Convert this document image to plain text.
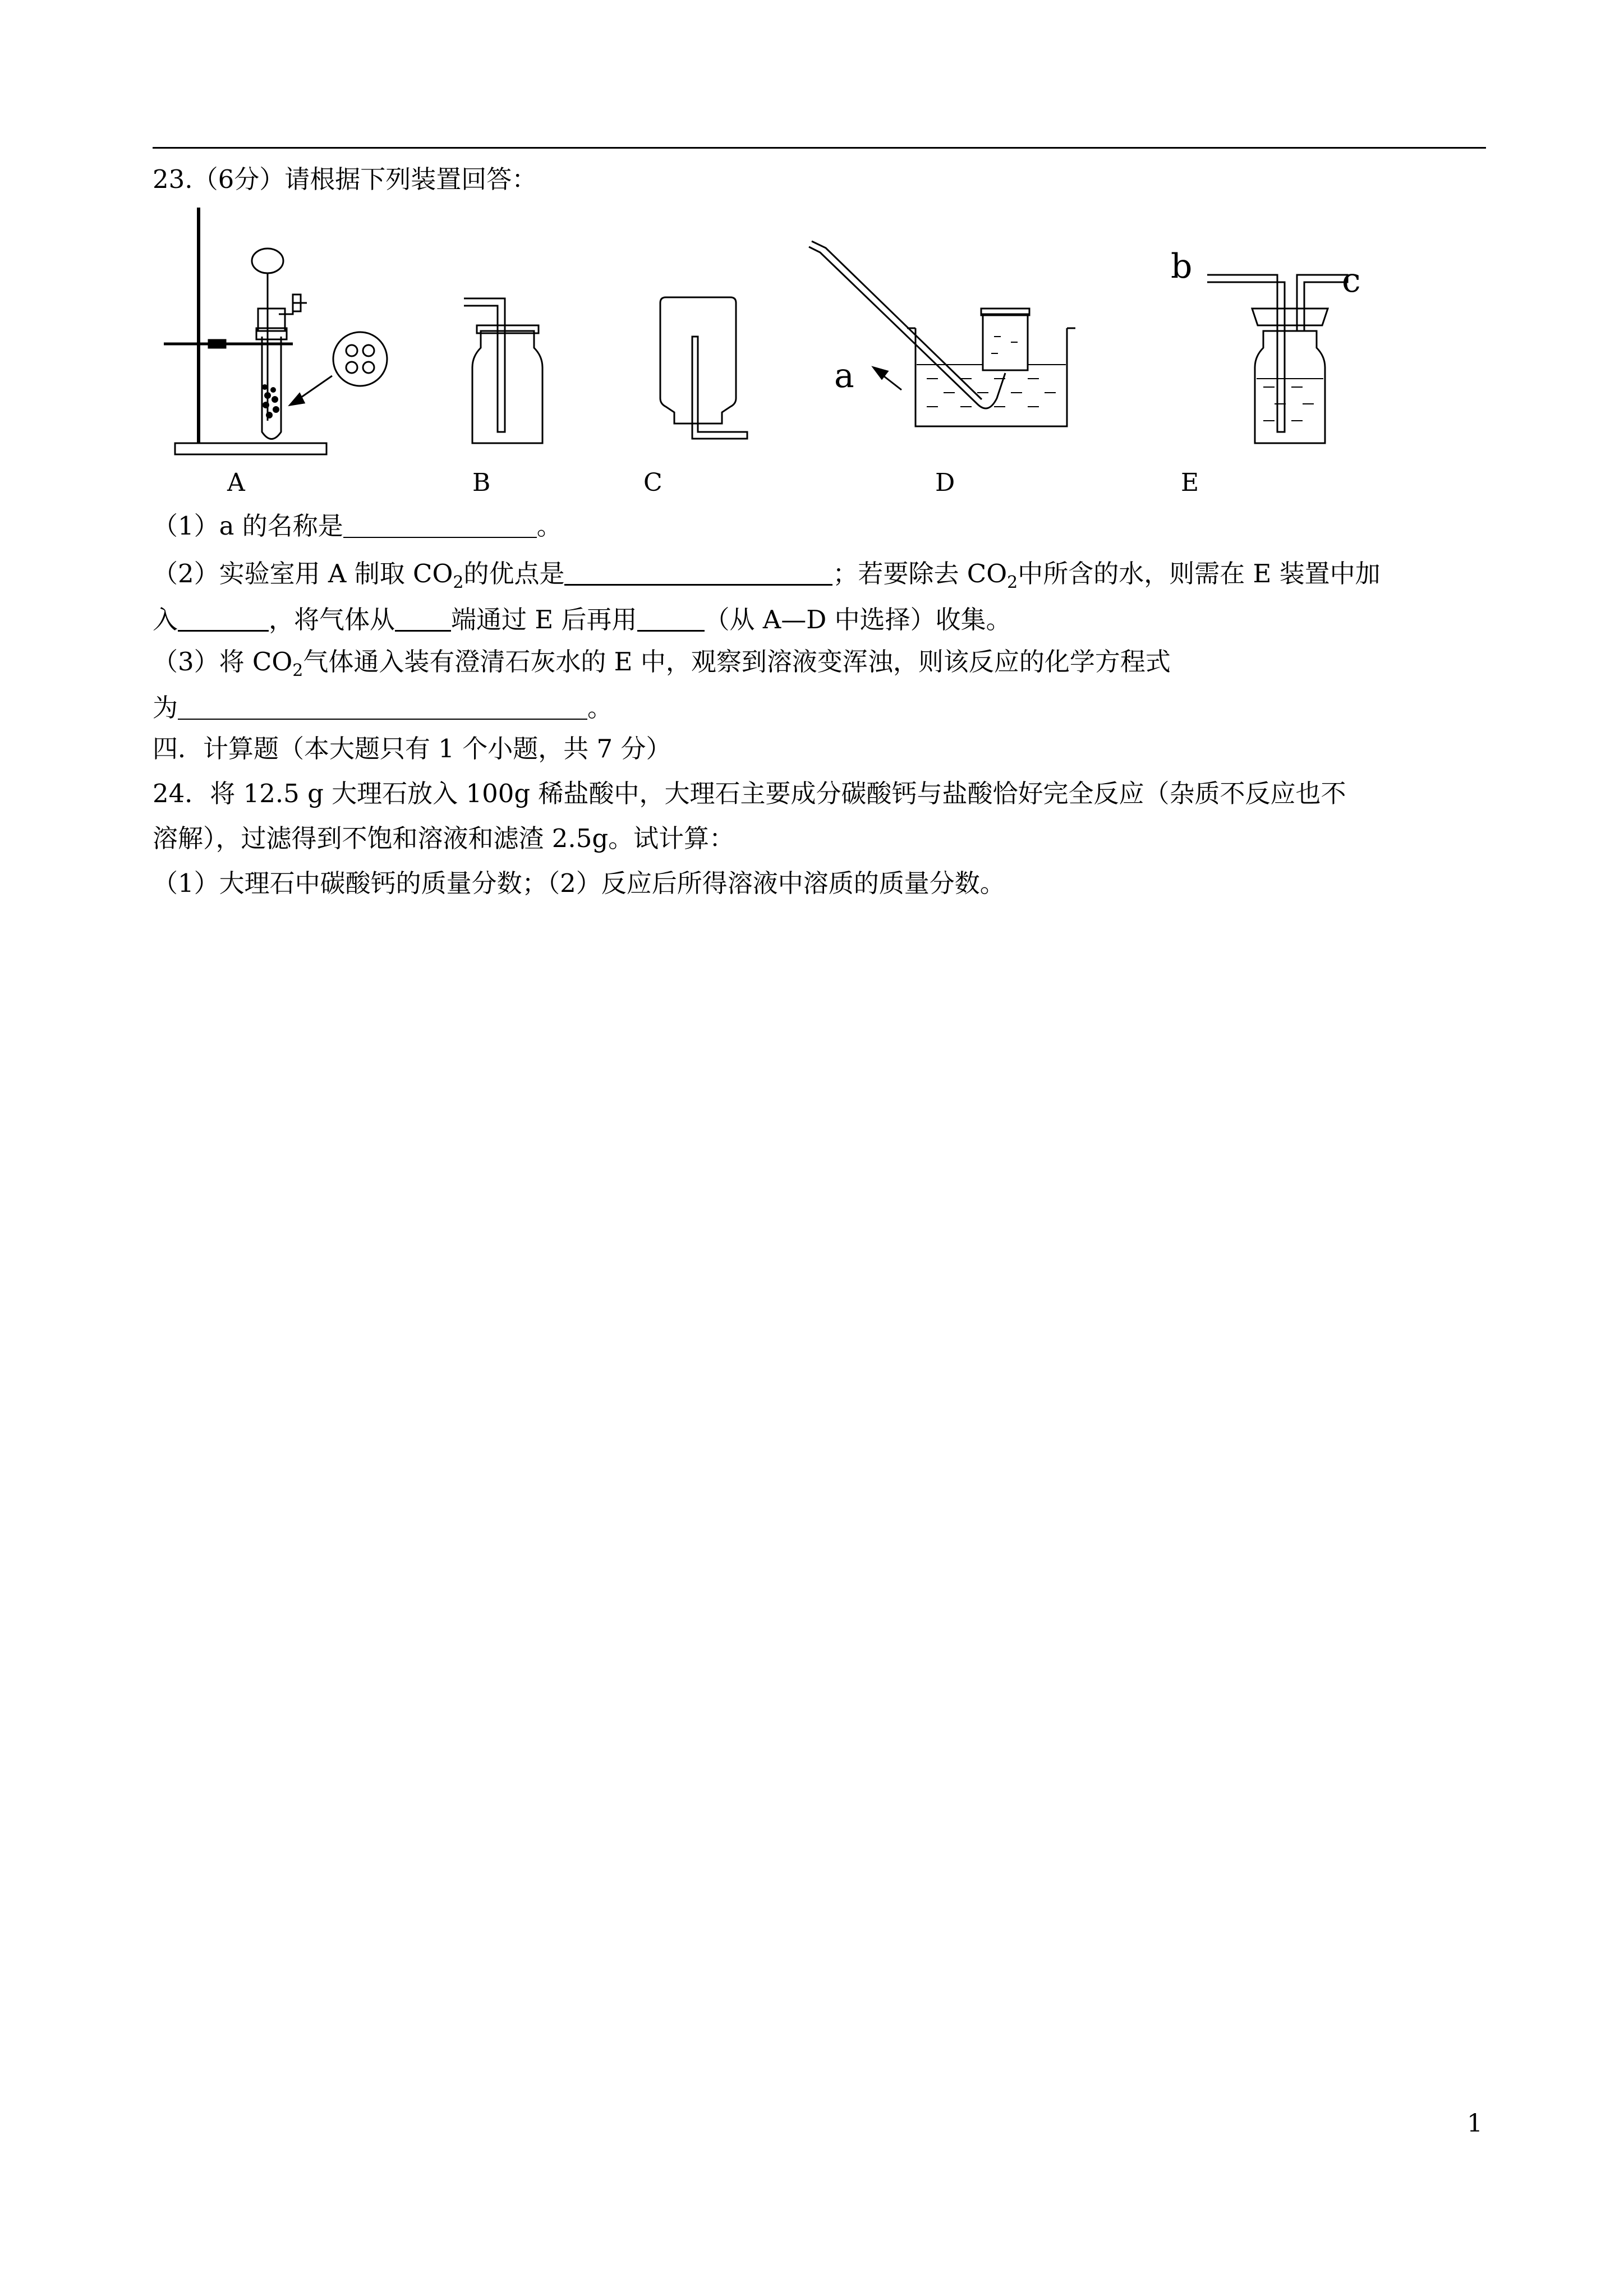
23.（6分）请根据下列装置回答：
a
b	c
A	B	C	D	E
（1）a 的名称是	。
（2）实验室用 A 制取 $CO_2$的优点是	；若要除去 $CO_2$中所含的水，则需在 E 装置中加
入	，将气体从 端通过 E 后再用	（从 A—D 中选择）收集。
（3）将 $CO_2$气体通入装有澄清石灰水的 E 中，观察到溶液变浑浊，则该反应的化学方程式
为	。
四．计算题（本大题只有 1 个小题，共 7 分）
24．将 12.5 g 大理石放入 100g 稀盐酸中，大理石主要成分碳酸钙与盐酸恰好完全反应（杂质不反应也不
溶解），过滤得到不饱和溶液和滤渣 2.5g。试计算：
（1）大理石中碳酸钙的质量分数；（2）反应后所得溶液中溶质的质量分数。
1
